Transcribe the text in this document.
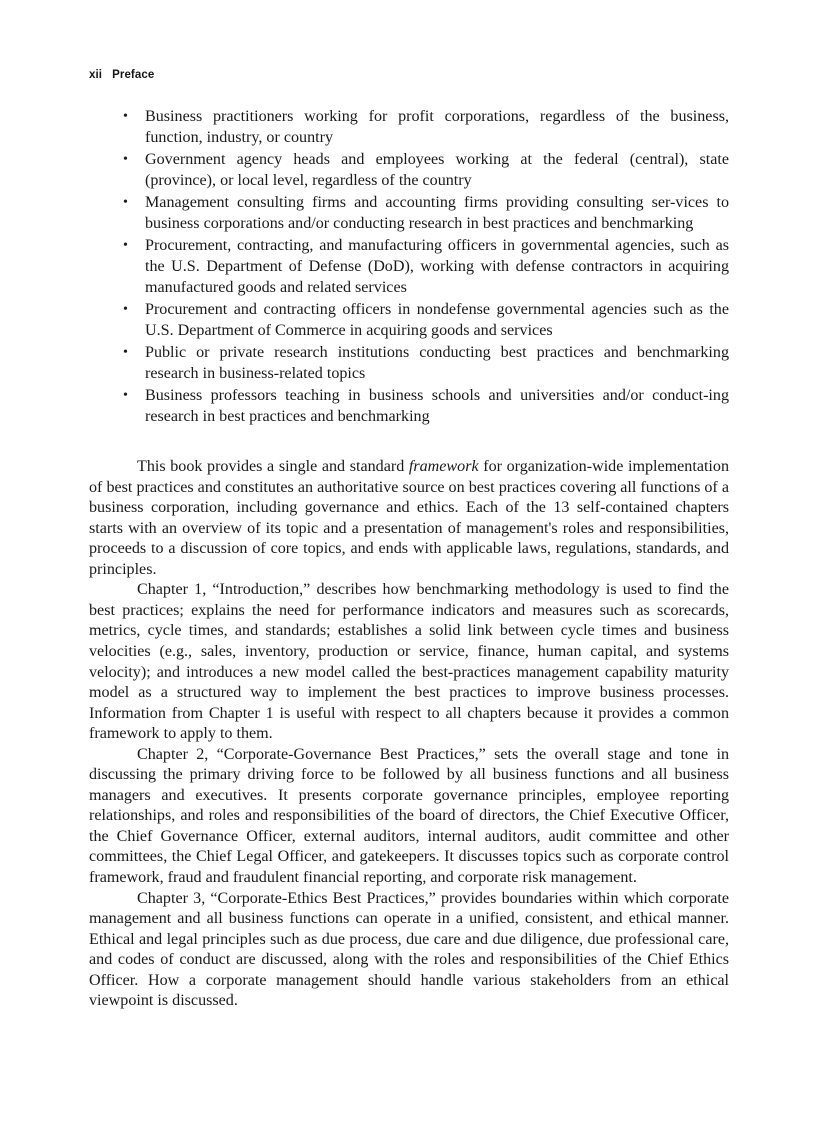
xii Preface
• Business practitioners working for profit corporations, regardless of the business, function, industry, or country
• Government agency heads and employees working at the federal (central), state (province), or local level, regardless of the country
• Management consulting firms and accounting firms providing consulting ser-vices to business corporations and/or conducting research in best practices and benchmarking
• Procurement, contracting, and manufacturing officers in governmental agencies, such as the U.S. Department of Defense (DoD), working with defense contractors in acquiring manufactured goods and related services
• Procurement and contracting officers in nondefense governmental agencies such as the U.S. Department of Commerce in acquiring goods and services
• Public or private research institutions conducting best practices and benchmarking research in business-related topics
• Business professors teaching in business schools and universities and/or conduct-ing research in best practices and benchmarking

This book provides a single and standard framework for organization-wide implementation of best practices and constitutes an authoritative source on best practices covering all functions of a business corporation, including governance and ethics. Each of the 13 self-contained chapters starts with an overview of its topic and a presentation of management's roles and responsibilities, proceeds to a discussion of core topics, and ends with applicable laws, regulations, standards, and principles.

Chapter 1, “Introduction,” describes how benchmarking methodology is used to find the best practices; explains the need for performance indicators and measures such as scorecards, metrics, cycle times, and standards; establishes a solid link between cycle times and business velocities (e.g., sales, inventory, production or service, finance, human capital, and systems velocity); and introduces a new model called the best-practices management capability maturity model as a structured way to implement the best practices to improve business processes. Information from Chapter 1 is useful with respect to all chapters because it provides a common framework to apply to them.

Chapter 2, “Corporate-Governance Best Practices,” sets the overall stage and tone in discussing the primary driving force to be followed by all business functions and all business managers and executives. It presents corporate governance principles, employee reporting relationships, and roles and responsibilities of the board of directors, the Chief Executive Officer, the Chief Governance Officer, external auditors, internal auditors, audit committee and other committees, the Chief Legal Officer, and gatekeepers. It discusses topics such as corporate control framework, fraud and fraudulent financial reporting, and corporate risk management.

Chapter 3, “Corporate-Ethics Best Practices,” provides boundaries within which corporate management and all business functions can operate in a unified, consistent, and ethical manner. Ethical and legal principles such as due process, due care and due diligence, due professional care, and codes of conduct are discussed, along with the roles and responsibilities of the Chief Ethics Officer. How a corporate management should handle various stakeholders from an ethical viewpoint is discussed.
